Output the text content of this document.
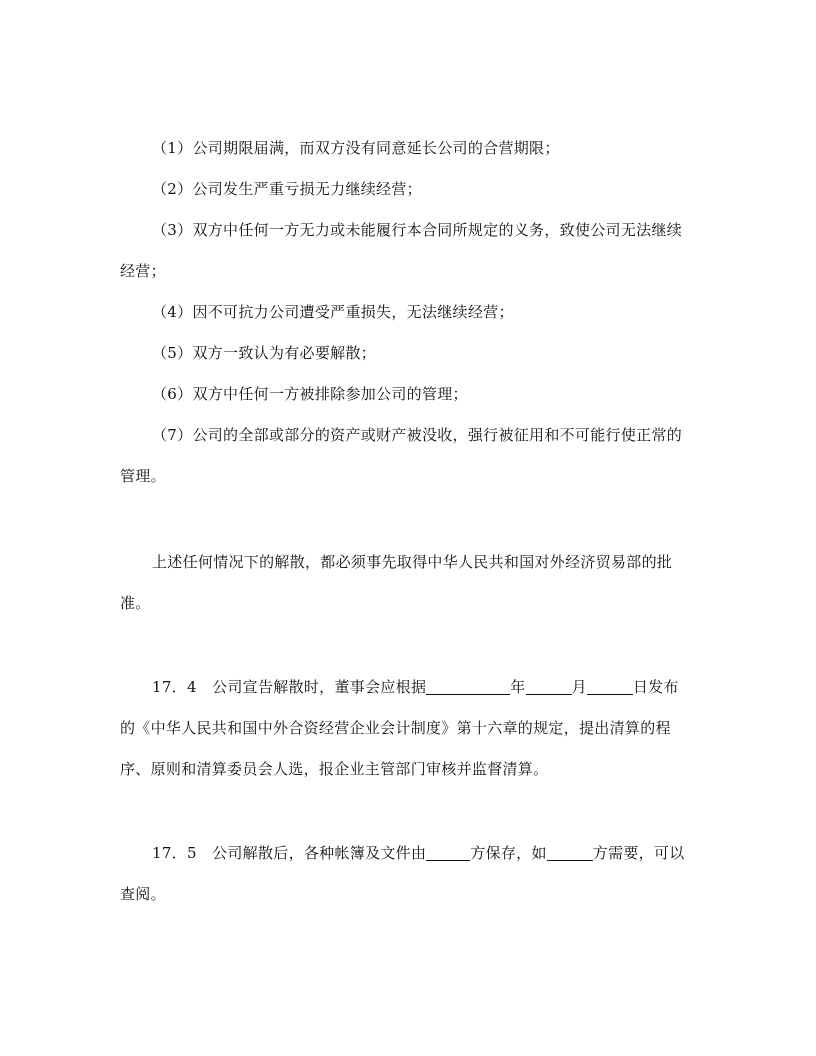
（1）公司期限届满，而双方没有同意延长公司的合营期限；
（2）公司发生严重亏损无力继续经营；
（3）双方中任何一方无力或未能履行本合同所规定的义务，致使公司无法继续
经营；
（4）因不可抗力公司遭受严重损失，无法继续经营；
（5）双方一致认为有必要解散；
（6）双方中任何一方被排除参加公司的管理；
（7）公司的全部或部分的资产或财产被没收，强行被征用和不可能行使正常的
管理。
上述任何情况下的解散，都必须事先取得中华人民共和国对外经济贸易部的批
准。
17．4 公司宣告解散时，董事会应根据	年	月	日发布
的《中华人民共和国中外合资经营企业会计制度》第十六章的规定，提出清算的程
序、原则和清算委员会人选，报企业主管部门审核并监督清算。
17．5 公司解散后，各种帐簿及文件由	方保存，如	方需要，可以
查阅。
